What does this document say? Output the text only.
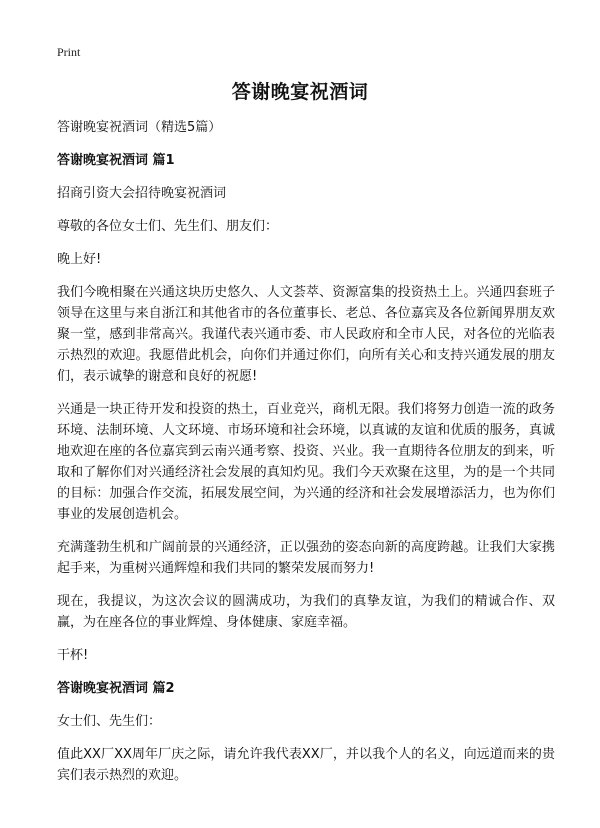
Print
答谢晚宴祝酒词

答谢晚宴祝酒词（精选5篇）

答谢晚宴祝酒词 篇1

招商引资大会招待晚宴祝酒词

尊敬的各位女士们、先生们、朋友们：

晚上好!

我们今晚相聚在兴通这块历史悠久、人文荟萃、资源富集的投资热土上。兴通四套班子领导在这里与来自浙江和其他省市的各位董事长、老总、各位嘉宾及各位新闻界朋友欢聚一堂，感到非常高兴。我谨代表兴通市委、市人民政府和全市人民，对各位的光临表示热烈的欢迎。我愿借此机会，向你们并通过你们，向所有关心和支持兴通发展的朋友们，表示诚挚的谢意和良好的祝愿!

兴通是一块正待开发和投资的热土，百业竞兴，商机无限。我们将努力创造一流的政务环境、法制环境、人文环境、市场环境和社会环境，以真诚的友谊和优质的服务，真诚地欢迎在座的各位嘉宾到云南兴通考察、投资、兴业。我一直期待各位朋友的到来，听取和了解你们对兴通经济社会发展的真知灼见。我们今天欢聚在这里，为的是一个共同的目标：加强合作交流，拓展发展空间，为兴通的经济和社会发展增添活力，也为你们事业的发展创造机会。

充满蓬勃生机和广阔前景的兴通经济，正以强劲的姿态向新的高度跨越。让我们大家携起手来，为重树兴通辉煌和我们共同的繁荣发展而努力!

现在，我提议，为这次会议的圆满成功，为我们的真挚友谊，为我们的精诚合作、双赢，为在座各位的事业辉煌、身体健康、家庭幸福。

干杯!

答谢晚宴祝酒词 篇2

女士们、先生们：

值此XX厂XX周年厂庆之际，请允许我代表XX厂，并以我个人的名义，向远道而来的贵宾们表示热烈的欢迎。
